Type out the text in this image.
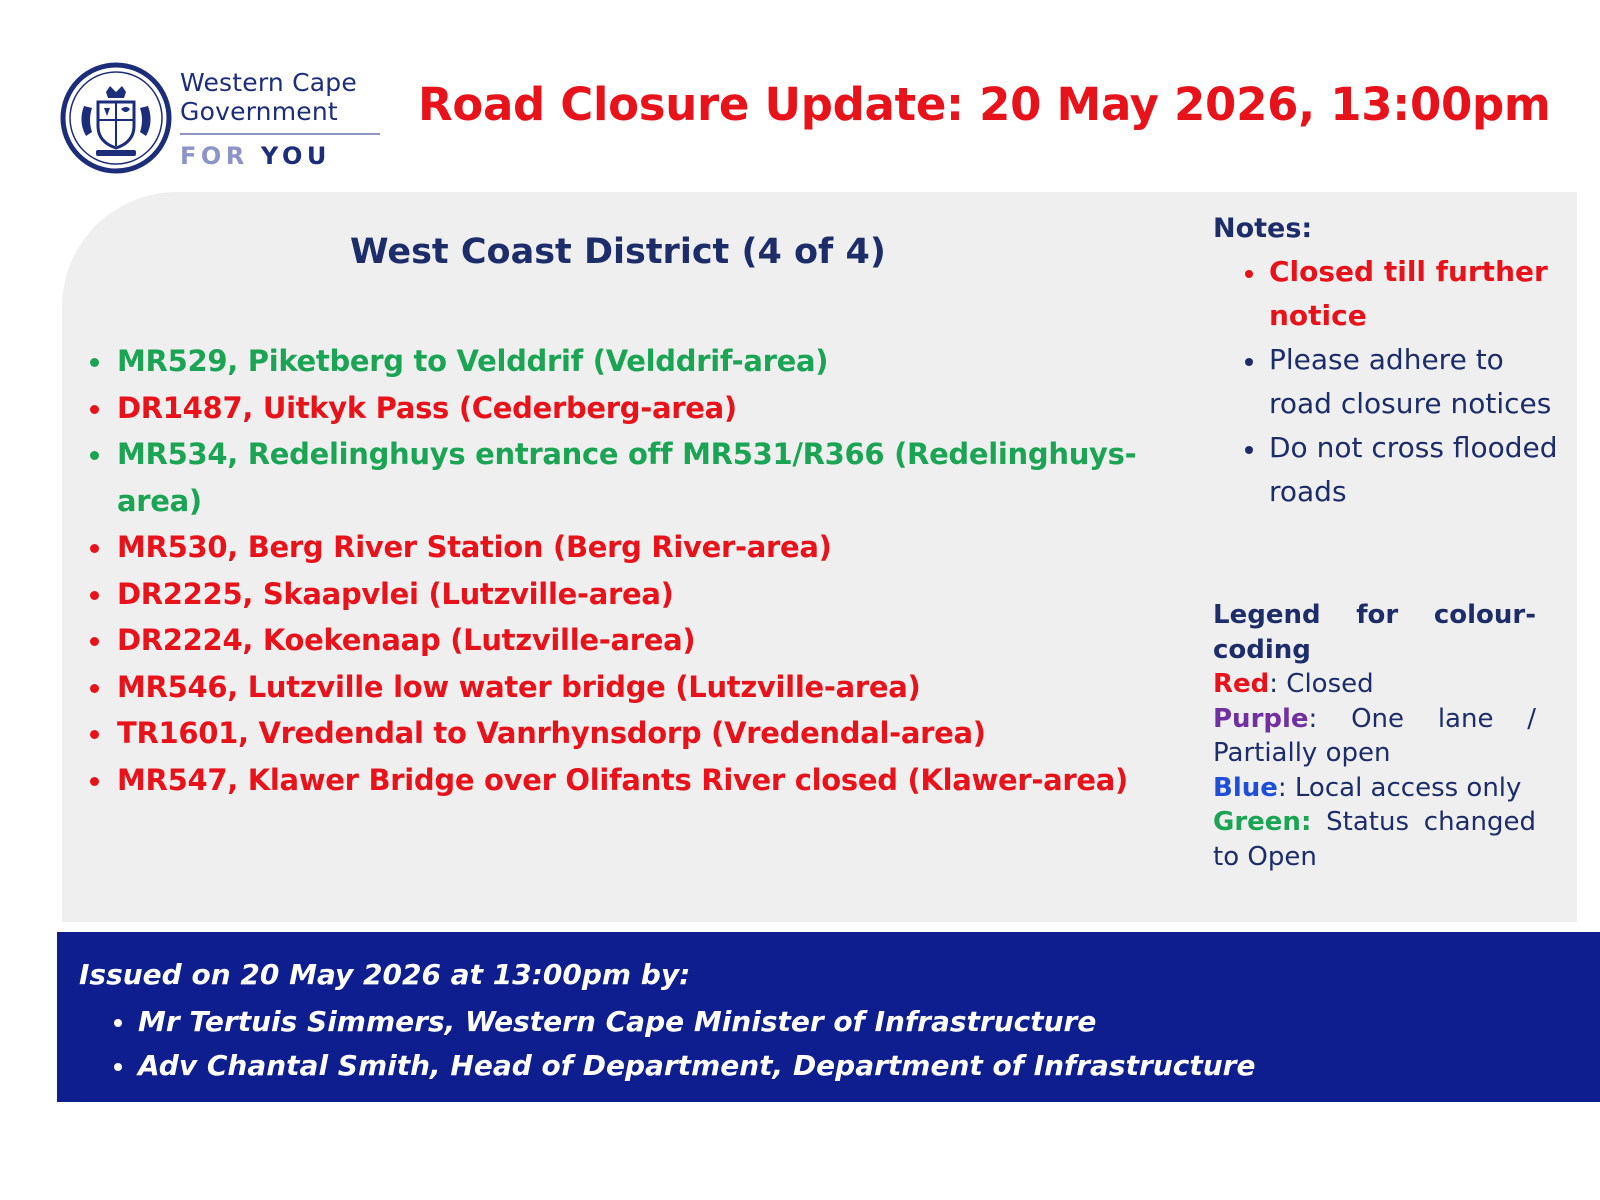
Western Cape
Government
FOR YOU
Road Closure Update: 20 May 2026, 13:00pm
West Coast District (4 of 4)
MR529, Piketberg to Velddrif (Velddrif-area)
DR1487, Uitkyk Pass (Cederberg-area)
MR534, Redelinghuys entrance off MR531/R366 (Redelinghuys-area)
MR530, Berg River Station (Berg River-area)
DR2225, Skaapvlei (Lutzville-area)
DR2224, Koekenaap (Lutzville-area)
MR546, Lutzville low water bridge (Lutzville-area)
TR1601, Vredendal to Vanrhynsdorp (Vredendal-area)
MR547, Klawer Bridge over Olifants River closed (Klawer-area)
Notes:
Closed till further notice
Please adhere to road closure notices
Do not cross flooded roads
Legend for colour-coding
Red: Closed
Purple: One lane / Partially open
Blue: Local access only
Green: Status changed to Open
Issued on 20 May 2026 at 13:00pm by:
Mr Tertuis Simmers, Western Cape Minister of Infrastructure
Adv Chantal Smith, Head of Department, Department of Infrastructure
